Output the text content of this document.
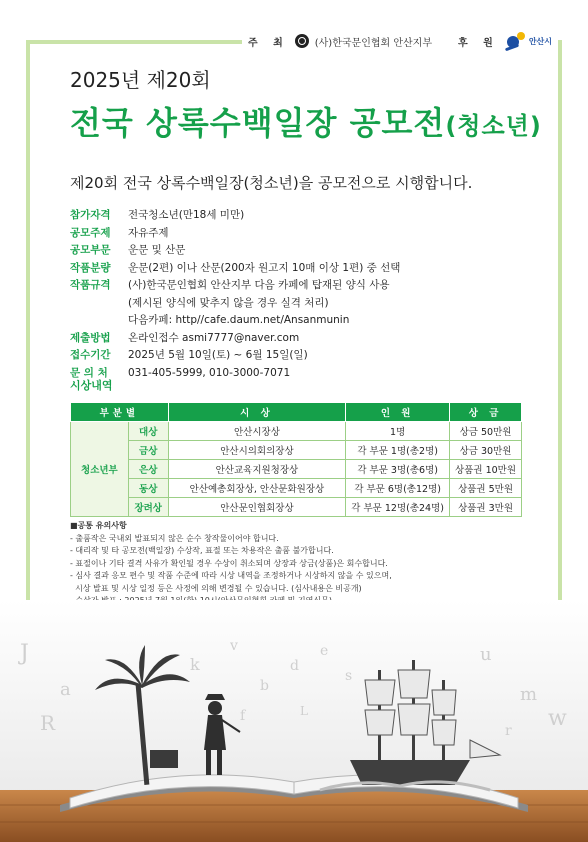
주 최	(사)한국문인협회 안산지부	후 원	안산시
2025년 제20회
전국 상록수백일장 공모전(청소년)
제20회 전국 상록수백일장(청소년)을 공모전으로 시행합니다.
참가자격	전국청소년(만18세 미만)
공모주제	자유주제
공모부문	운문 및 산문
작품분량	운문(2편) 이나 산문(200자 원고지 10매 이상 1편) 중 선택
작품규격	(사)한국문인협회 안산지부 다음 카페에 탑재된 양식 사용
(제시된 양식에 맞추지 않을 경우 실격 처리)
다음카페: http//cafe.daum.net/Ansanmunin
제출방법	온라인접수 asmi7777@naver.com
접수기간	2025년 5월 10일(토) ~ 6월 15일(일)
문 의 처	031-405-5999, 010-3000-7071
시상내역
부분별		시 상	인 원	상 금
청소년부	대상	안산시장상	1명	상금 50만원
	금상	안산시의회의장상	각 부문 1명(총2명)	상금 30만원
	은상	안산교육지원청장상	각 부문 3명(총6명)	상품권 10만원
	동상	안산예총회장상, 안산문화원장상	각 부문 6명(총12명)	상품권 5만원
	장려상	안산문인협회장상	각 부문 12명(총24명)	상품권 3만원
■공통 유의사항
- 출품작은 국내외 발표되지 않은 순수 창작물이어야 합니다.
- 대리작 및 타 공모전(백일장) 수상작, 표절 또는 차용작은 출품 불가합니다.
- 표절이나 기타 결격 사유가 확인될 경우 수상이 취소되며 상장과 상금(상품)은 회수합니다.
- 심사 결과 응모 편수 및 작품 수준에 따라 시상 내역을 조정하거나 시상하지 않을 수 있으며,
시상 발표 및 시상 일정 등은 사정에 의해 변경될 수 있습니다. (심사내용은 비공개)
J
a
R
k
v
b
d
e
s
f	L
u
m
w
r
